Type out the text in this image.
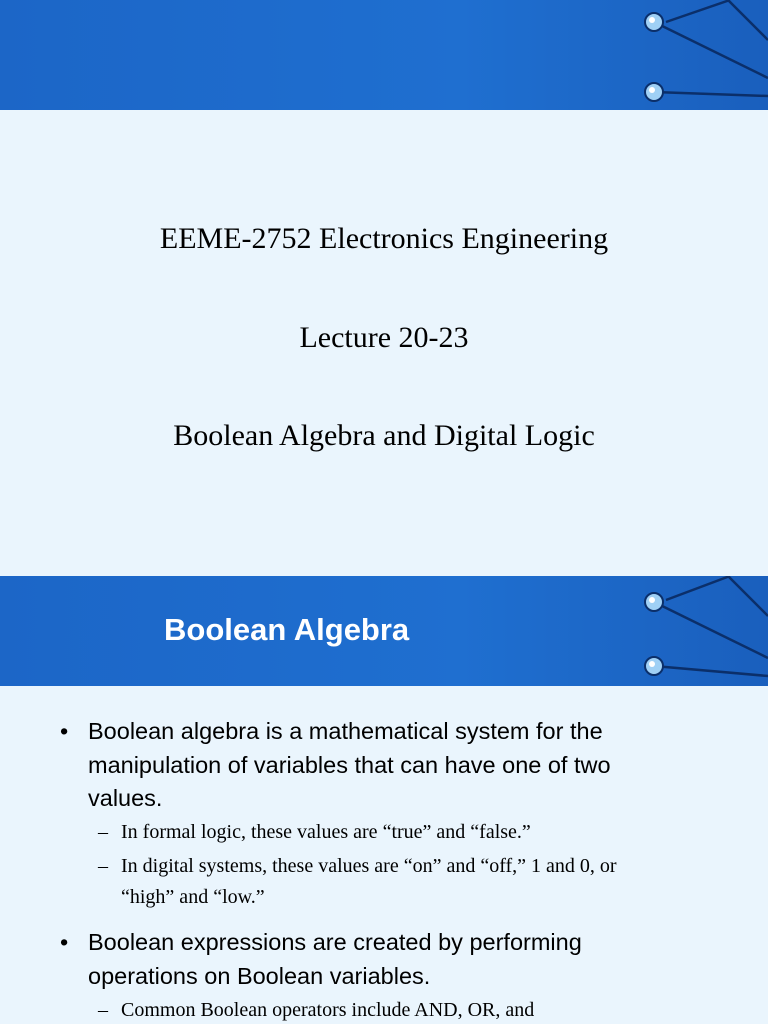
EEME-2752 Electronics Engineering
Lecture 20-23
Boolean Algebra and Digital Logic
Boolean Algebra
• Boolean algebra is a mathematical system for the manipulation of variables that can have one of two values.
– In formal logic, these values are “true” and “false.”
– In digital systems, these values are “on” and “off,” 1 and 0, or “high” and “low.”
• Boolean expressions are created by performing operations on Boolean variables.
– Common Boolean operators include AND, OR, and
